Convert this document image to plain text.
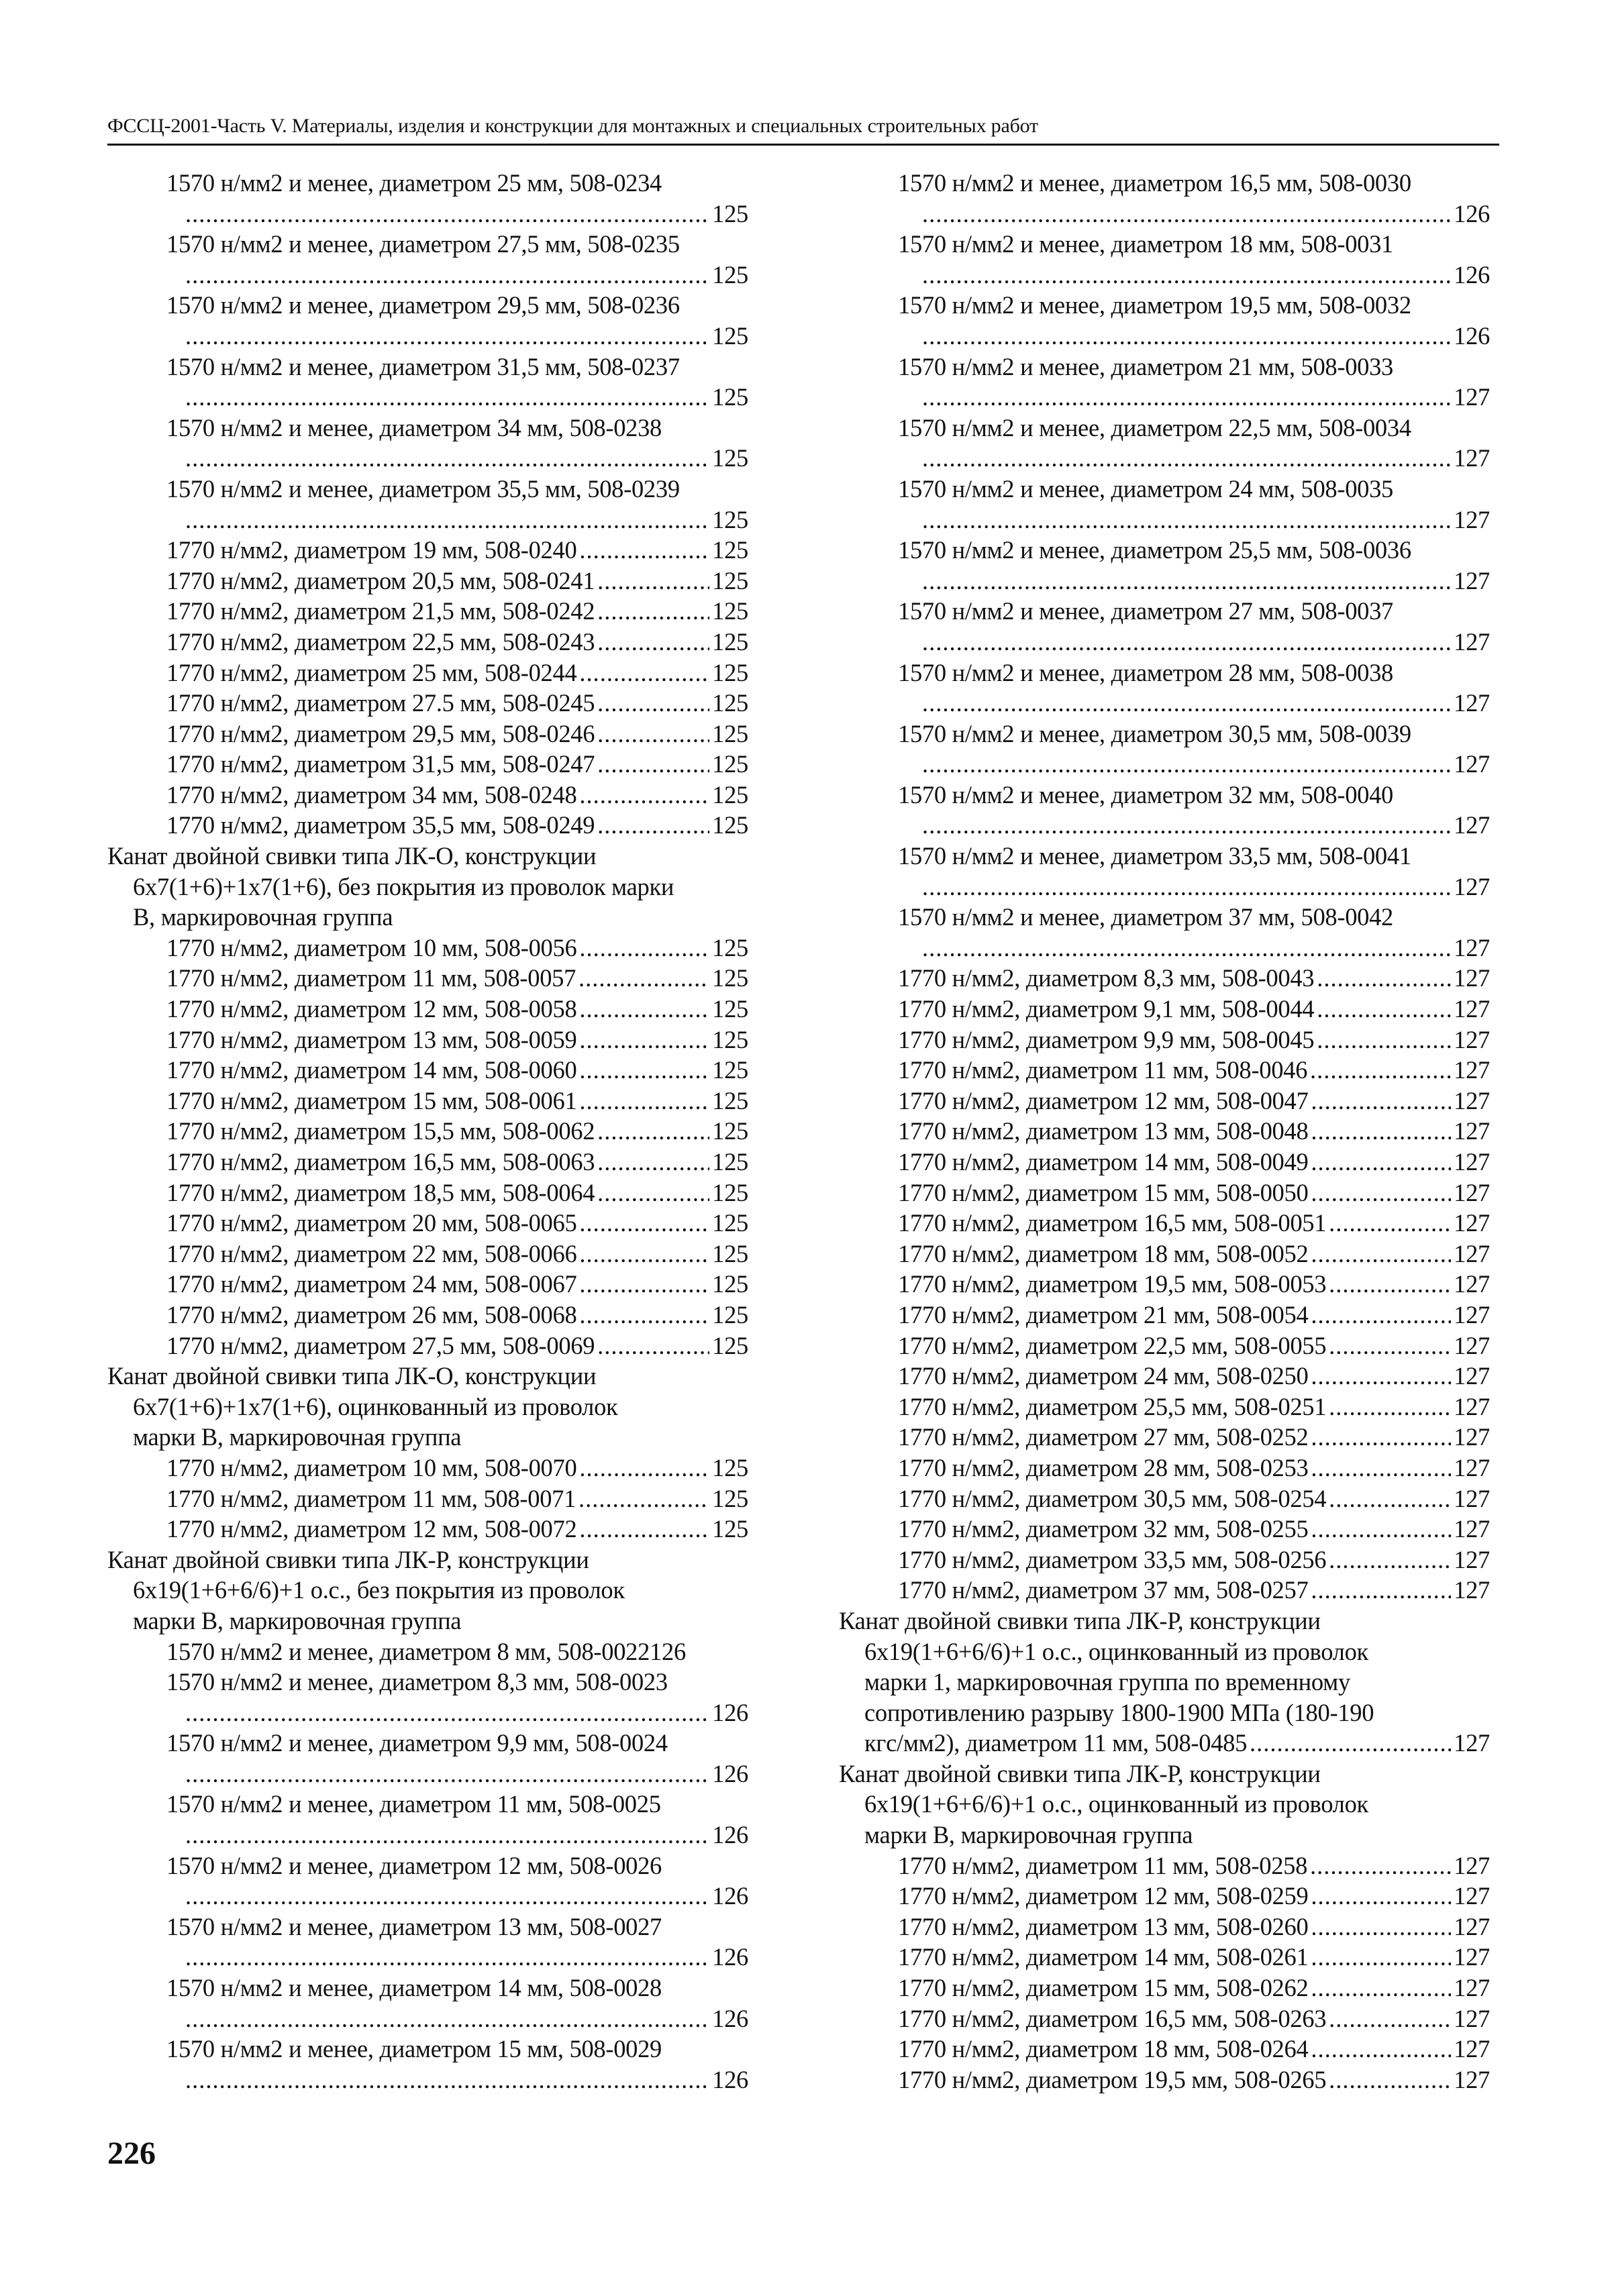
ФССЦ-2001-Часть V. Материалы, изделия и конструкции для монтажных и специальных строительных работ
1570 н/мм2 и менее, диаметром 25 мм, 508-0234
.....
125
1570 н/мм2 и менее, диаметром 27,5 мм, 508-0235
.....
125
1570 н/мм2 и менее, диаметром 29,5 мм, 508-0236
.....
125
1570 н/мм2 и менее, диаметром 31,5 мм, 508-0237
.....
125
1570 н/мм2 и менее, диаметром 34 мм, 508-0238
.....
125
1570 н/мм2 и менее, диаметром 35,5 мм, 508-0239
.....
125
1770 н/мм2, диаметром 19 мм, 508-0240 .....	125
1770 н/мм2, диаметром 20,5 мм, 508-0241 .....	125
1770 н/мм2, диаметром 21,5 мм, 508-0242 .....	125
1770 н/мм2, диаметром 22,5 мм, 508-0243 .....	125
1770 н/мм2, диаметром 25 мм, 508-0244 .....	125
1770 н/мм2, диаметром 27.5 мм, 508-0245 .....	125
1770 н/мм2, диаметром 29,5 мм, 508-0246 .....	125
1770 н/мм2, диаметром 31,5 мм, 508-0247 .....	125
1770 н/мм2, диаметром 34 мм, 508-0248 .....	125
1770 н/мм2, диаметром 35,5 мм, 508-0249 .....	125
Канат двойной свивки типа ЛК-О, конструкции
6х7(1+6)+1х7(1+6), без покрытия из проволок марки
В, маркировочная группа
1770 н/мм2, диаметром 10 мм, 508-0056 .....	125
1770 н/мм2, диаметром 11 мм, 508-0057 .....	125
1770 н/мм2, диаметром 12 мм, 508-0058 .....	125
1770 н/мм2, диаметром 13 мм, 508-0059 .....	125
1770 н/мм2, диаметром 14 мм, 508-0060 .....	125
1770 н/мм2, диаметром 15 мм, 508-0061 .....	125
1770 н/мм2, диаметром 15,5 мм, 508-0062 .....	125
1770 н/мм2, диаметром 16,5 мм, 508-0063 .....	125
1770 н/мм2, диаметром 18,5 мм, 508-0064 .....	125
1770 н/мм2, диаметром 20 мм, 508-0065 .....	125
1770 н/мм2, диаметром 22 мм, 508-0066 .....	125
1770 н/мм2, диаметром 24 мм, 508-0067 .....	125
1770 н/мм2, диаметром 26 мм, 508-0068 .....	125
1770 н/мм2, диаметром 27,5 мм, 508-0069 .....	125
Канат двойной свивки типа ЛК-О, конструкции
6х7(1+6)+1х7(1+6), оцинкованный из проволок
марки В, маркировочная группа
1770 н/мм2, диаметром 10 мм, 508-0070 .....	125
1770 н/мм2, диаметром 11 мм, 508-0071 .....	125
1770 н/мм2, диаметром 12 мм, 508-0072 .....	125
Канат двойной свивки типа ЛК-Р, конструкции
6х19(1+6+6/6)+1 о.с., без покрытия из проволок
марки В, маркировочная группа
1570 н/мм2 и менее, диаметром 8 мм, 508-0022126
1570 н/мм2 и менее, диаметром 8,3 мм, 508-0023
.....
126
1570 н/мм2 и менее, диаметром 9,9 мм, 508-0024
.....
126
1570 н/мм2 и менее, диаметром 11 мм, 508-0025
.....
126
1570 н/мм2 и менее, диаметром 12 мм, 508-0026
.....
126
1570 н/мм2 и менее, диаметром 13 мм, 508-0027
.....
126
1570 н/мм2 и менее, диаметром 14 мм, 508-0028
.....
126
1570 н/мм2 и менее, диаметром 15 мм, 508-0029
.....
126
1570 н/мм2 и менее, диаметром 16,5 мм, 508-0030
.....
126
1570 н/мм2 и менее, диаметром 18 мм, 508-0031
.....
126
1570 н/мм2 и менее, диаметром 19,5 мм, 508-0032
.....
126
1570 н/мм2 и менее, диаметром 21 мм, 508-0033
.....
127
1570 н/мм2 и менее, диаметром 22,5 мм, 508-0034
.....
127
1570 н/мм2 и менее, диаметром 24 мм, 508-0035
.....
127
1570 н/мм2 и менее, диаметром 25,5 мм, 508-0036
.....
127
1570 н/мм2 и менее, диаметром 27 мм, 508-0037
.....
127
1570 н/мм2 и менее, диаметром 28 мм, 508-0038
.....
127
1570 н/мм2 и менее, диаметром 30,5 мм, 508-0039
.....
127
1570 н/мм2 и менее, диаметром 32 мм, 508-0040
.....
127
1570 н/мм2 и менее, диаметром 33,5 мм, 508-0041
.....
127
1570 н/мм2 и менее, диаметром 37 мм, 508-0042
.....
127
1770 н/мм2, диаметром 8,3 мм, 508-0043 .....	127
1770 н/мм2, диаметром 9,1 мм, 508-0044 .....	127
1770 н/мм2, диаметром 9,9 мм, 508-0045 .....	127
1770 н/мм2, диаметром 11 мм, 508-0046 .....	127
1770 н/мм2, диаметром 12 мм, 508-0047 .....	127
1770 н/мм2, диаметром 13 мм, 508-0048 .....	127
1770 н/мм2, диаметром 14 мм, 508-0049 .....	127
1770 н/мм2, диаметром 15 мм, 508-0050 .....	127
1770 н/мм2, диаметром 16,5 мм, 508-0051 .....	127
1770 н/мм2, диаметром 18 мм, 508-0052 .....	127
1770 н/мм2, диаметром 19,5 мм, 508-0053 .....	127
1770 н/мм2, диаметром 21 мм, 508-0054 .....	127
1770 н/мм2, диаметром 22,5 мм, 508-0055 .....	127
1770 н/мм2, диаметром 24 мм, 508-0250 .....	127
1770 н/мм2, диаметром 25,5 мм, 508-0251 .....	127
1770 н/мм2, диаметром 27 мм, 508-0252 .....	127
1770 н/мм2, диаметром 28 мм, 508-0253 .....	127
1770 н/мм2, диаметром 30,5 мм, 508-0254 .....	127
1770 н/мм2, диаметром 32 мм, 508-0255 .....	127
1770 н/мм2, диаметром 33,5 мм, 508-0256 .....	127
1770 н/мм2, диаметром 37 мм, 508-0257 .....	127
Канат двойной свивки типа ЛК-Р, конструкции
6х19(1+6+6/6)+1 о.с., оцинкованный из проволок
марки 1, маркировочная группа по временному
сопротивлению разрыву 1800-1900 МПа (180-190
кгс/мм2), диаметром 11 мм, 508-0485 .....	127
Канат двойной свивки типа ЛК-Р, конструкции
6х19(1+6+6/6)+1 о.с., оцинкованный из проволок
марки В, маркировочная группа
1770 н/мм2, диаметром 11 мм, 508-0258 .....	127
1770 н/мм2, диаметром 12 мм, 508-0259 .....	127
1770 н/мм2, диаметром 13 мм, 508-0260 .....	127
1770 н/мм2, диаметром 14 мм, 508-0261 .....	127
1770 н/мм2, диаметром 15 мм, 508-0262 .....	127
1770 н/мм2, диаметром 16,5 мм, 508-0263 .....	127
1770 н/мм2, диаметром 18 мм, 508-0264 .....	127
1770 н/мм2, диаметром 19,5 мм, 508-0265 .....	127
226
